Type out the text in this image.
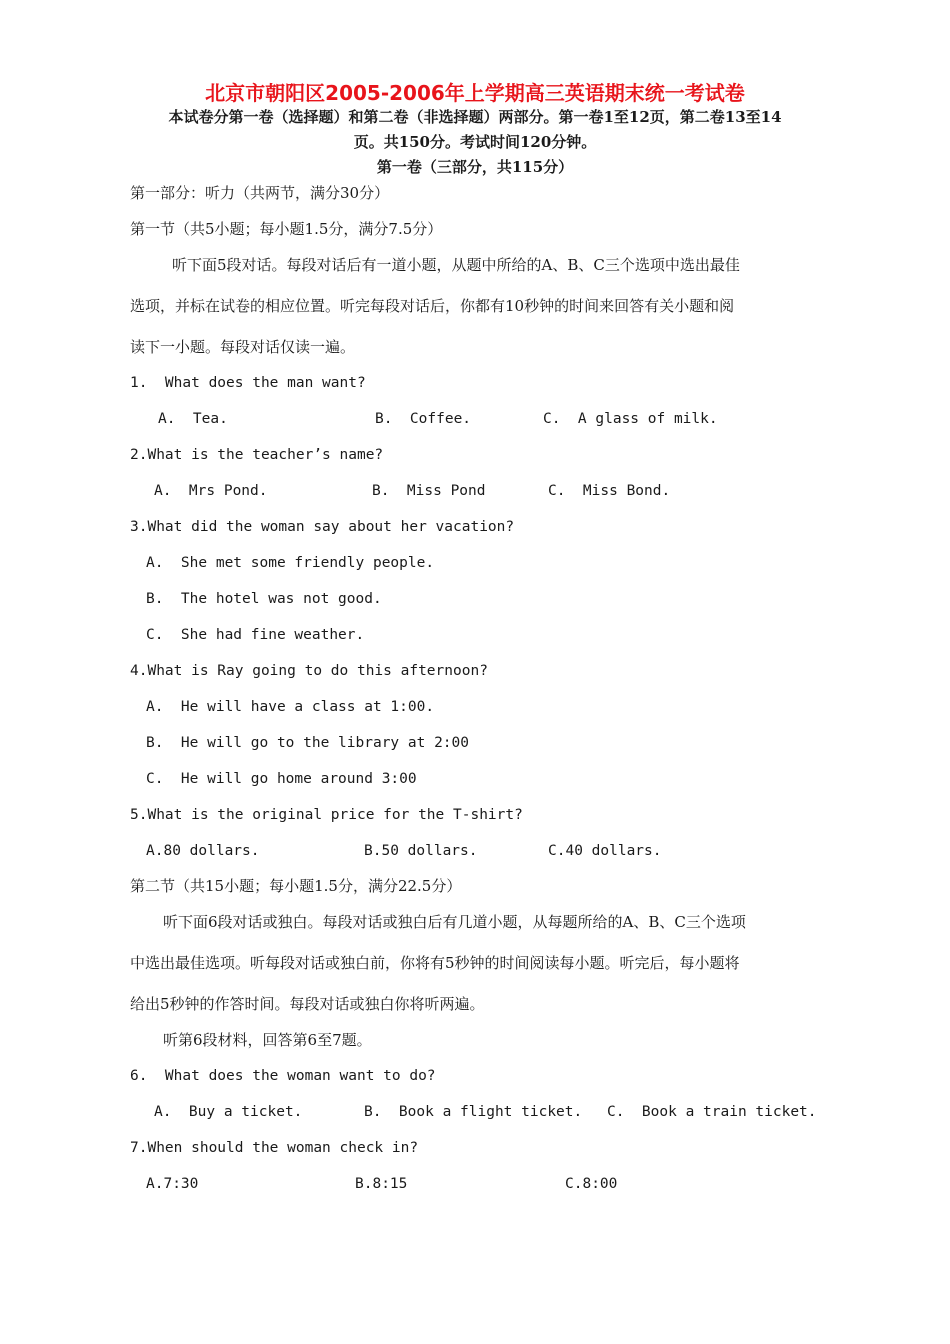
北京市朝阳区2005-2006年上学期高三英语期末统一考试卷
本试卷分第一卷（选择题）和第二卷（非选择题）两部分。第一卷1至12页，第二卷13至14
页。共150分。考试时间120分钟。
第一卷（三部分，共115分）
第一部分：听力（共两节，满分30分）
第一节（共5小题；每小题1.5分，满分7.5分）
听下面5段对话。每段对话后有一道小题，从题中所给的A、B、C三个选项中选出最佳
选项，并标在试卷的相应位置。听完每段对话后，你都有10秒钟的时间来回答有关小题和阅
读下一小题。每段对话仅读一遍。
1.  What does the man want?
A.  Tea.	B.  Coffee.	C.  A glass of milk.
2.What is the teacher’s name?
A.  Mrs Pond.	B.  Miss Pond	C.  Miss Bond.
3.What did the woman say about her vacation?
A.  She met some friendly people.
B.  The hotel was not good.
C.  She had fine weather.
4.What is Ray going to do this afternoon?
A.  He will have a class at 1:00.
B.  He will go to the library at 2:00
C.  He will go home around 3:00
5.What is the original price for the T-shirt?
A.80 dollars.	B.50 dollars.	C.40 dollars.
第二节（共15小题；每小题1.5分，满分22.5分）
听下面6段对话或独白。每段对话或独白后有几道小题，从每题所给的A、B、C三个选项
中选出最佳选项。听每段对话或独白前，你将有5秒钟的时间阅读每小题。听完后，每小题将
给出5秒钟的作答时间。每段对话或独白你将听两遍。
听第6段材料，回答第6至7题。
6.  What does the woman want to do?
A.  Buy a ticket.	B.  Book a flight ticket. C.  Book a train ticket.
7.When should the woman check in?
A.7:30	B.8:15	C.8:00
